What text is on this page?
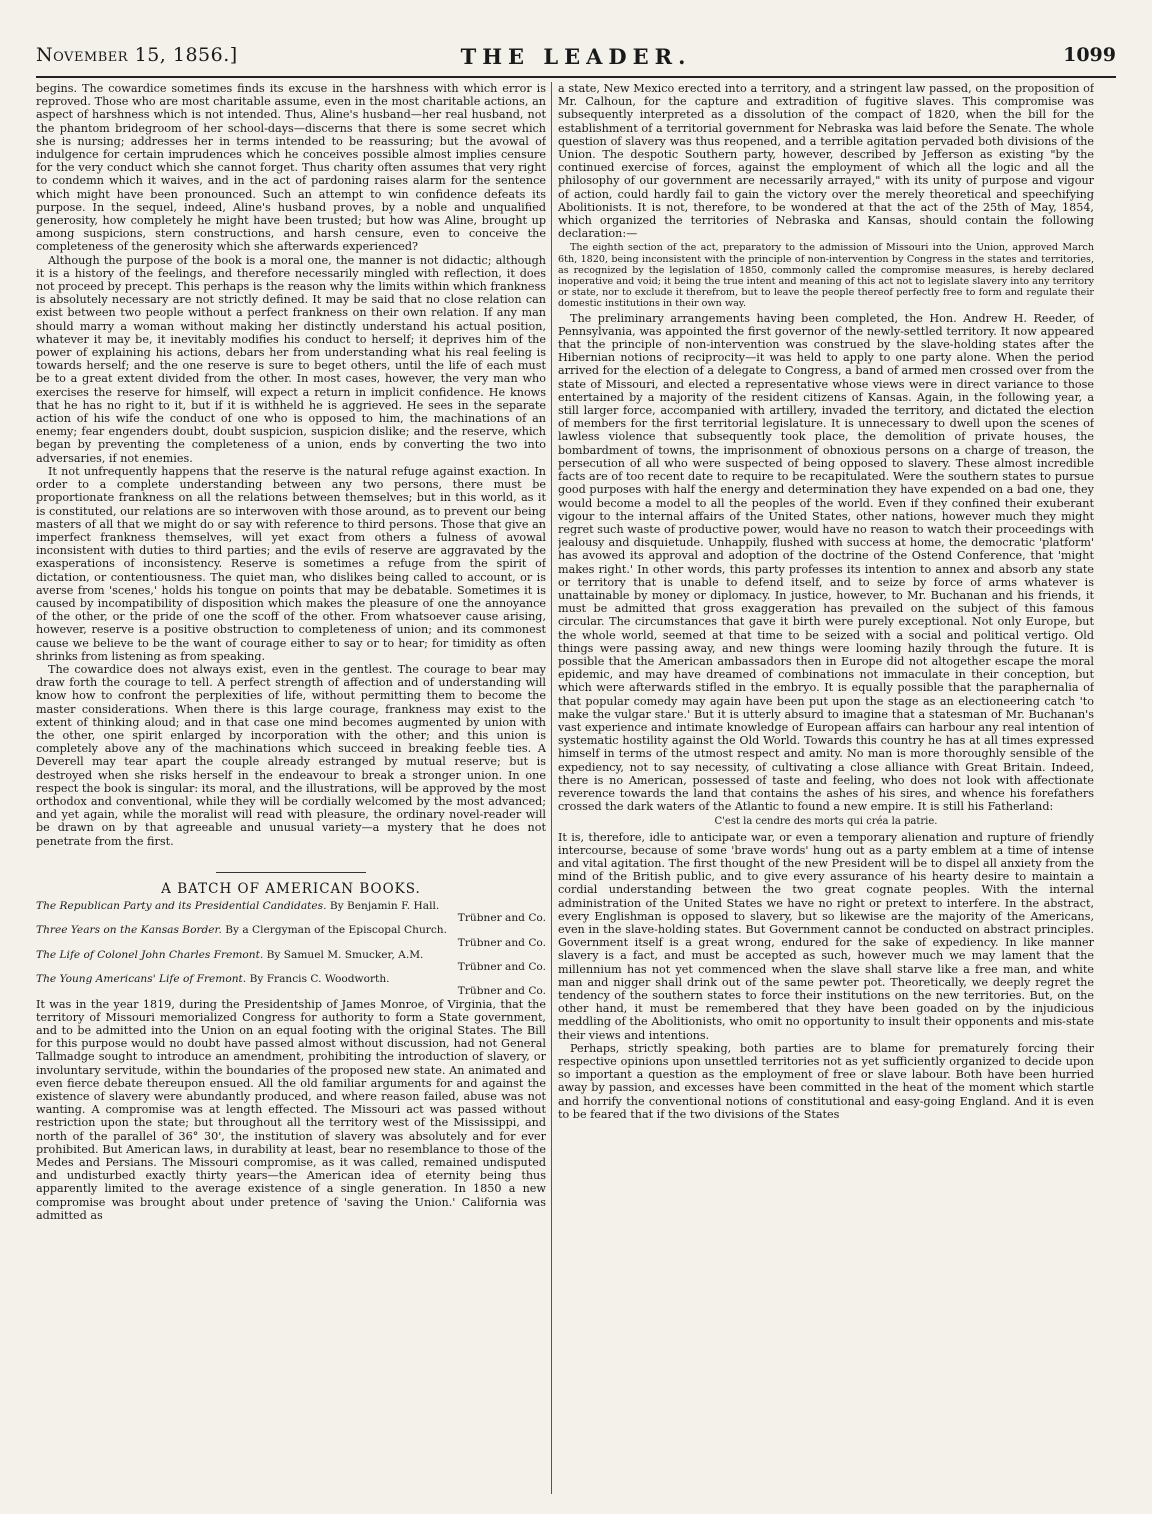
November 15, 1856.]	THE LEADER.	1099

begins. The cowardice sometimes finds its excuse in the harshness with which error is reproved. Those who are most charitable assume, even in the most charitable actions, an aspect of harshness which is not intended. Thus, Aline's husband—her real husband, not the phantom bridegroom of her school-days—discerns that there is some secret which she is nursing; addresses her in terms intended to be reassuring; but the avowal of indulgence for certain imprudences which he conceives possible almost implies censure for the very conduct which she cannot forget. Thus charity often assumes that very right to condemn which it waives, and in the act of pardoning raises alarm for the sentence which might have been pronounced. Such an attempt to win confidence defeats its purpose. In the sequel, indeed, Aline's husband proves, by a noble and unqualified generosity, how completely he might have been trusted; but how was Aline, brought up among suspicions, stern constructions, and harsh censure, even to conceive the completeness of the generosity which she afterwards experienced?

Although the purpose of the book is a moral one, the manner is not didactic; although it is a history of the feelings, and therefore necessarily mingled with reflection, it does not proceed by precept. This perhaps is the reason why the limits within which frankness is absolutely necessary are not strictly defined. It may be said that no close relation can exist between two people without a perfect frankness on their own relation. If any man should marry a woman without making her distinctly understand his actual position, whatever it may be, it inevitably modifies his conduct to herself; it deprives him of the power of explaining his actions, debars her from understanding what his real feeling is towards herself; and the one reserve is sure to beget others, until the life of each must be to a great extent divided from the other. In most cases, however, the very man who exercises the reserve for himself, will expect a return in implicit confidence. He knows that he has no right to it, but if it is withheld he is aggrieved. He sees in the separate action of his wife the conduct of one who is opposed to him, the machinations of an enemy; fear engenders doubt, doubt suspicion, suspicion dislike; and the reserve, which began by preventing the completeness of a union, ends by converting the two into adversaries, if not enemies.

It not unfrequently happens that the reserve is the natural refuge against exaction. In order to a complete understanding between any two persons, there must be proportionate frankness on all the relations between themselves; but in this world, as it is constituted, our relations are so interwoven with those around, as to prevent our being masters of all that we might do or say with reference to third persons. Those that give an imperfect frankness themselves, will yet exact from others a fulness of avowal inconsistent with duties to third parties; and the evils of reserve are aggravated by the exasperations of inconsistency. Reserve is sometimes a refuge from the spirit of dictation, or contentiousness. The quiet man, who dislikes being called to account, or is averse from 'scenes,' holds his tongue on points that may be debatable. Sometimes it is caused by incompatibility of disposition which makes the pleasure of one the annoyance of the other, or the pride of one the scoff of the other. From whatsoever cause arising, however, reserve is a positive obstruction to completeness of union; and its commonest cause we believe to be the want of courage either to say or to hear; for timidity as often shrinks from listening as from speaking.

The cowardice does not always exist, even in the gentlest. The courage to bear may draw forth the courage to tell. A perfect strength of affection and of understanding will know how to confront the perplexities of life, without permitting them to become the master considerations. When there is this large courage, frankness may exist to the extent of thinking aloud; and in that case one mind becomes augmented by union with the other, one spirit enlarged by incorporation with the other; and this union is completely above any of the machinations which succeed in breaking feeble ties. A Deverell may tear apart the couple already estranged by mutual reserve; but is destroyed when she risks herself in the endeavour to break a stronger union. In one respect the book is singular: its moral, and the illustrations, will be approved by the most orthodox and conventional, while they will be cordially welcomed by the most advanced; and yet again, while the moralist will read with pleasure, the ordinary novel-reader will be drawn on by that agreeable and unusual variety—a mystery that he does not penetrate from the first.

A BATCH OF AMERICAN BOOKS.
The Republican Party and its Presidential Candidates. By Benjamin F. Hall.
Trübner and Co.
Three Years on the Kansas Border. By a Clergyman of the Episcopal Church.
Trübner and Co.
The Life of Colonel John Charles Fremont. By Samuel M. Smucker, A.M.
Trübner and Co.
The Young Americans' Life of Fremont. By Francis C. Woodworth.
Trübner and Co.

It was in the year 1819, during the Presidentship of James Monroe, of Virginia, that the territory of Missouri memorialized Congress for authority to form a State government, and to be admitted into the Union on an equal footing with the original States. The Bill for this purpose would no doubt have passed almost without discussion, had not General Tallmadge sought to introduce an amendment, prohibiting the introduction of slavery, or involuntary servitude, within the boundaries of the proposed new state. An animated and even fierce debate thereupon ensued. All the old familiar arguments for and against the existence of slavery were abundantly produced, and where reason failed, abuse was not wanting. A compromise was at length effected. The Missouri act was passed without restriction upon the state; but throughout all the territory west of the Mississippi, and north of the parallel of 36° 30', the institution of slavery was absolutely and for ever prohibited. But American laws, in durability at least, bear no resemblance to those of the Medes and Persians. The Missouri compromise, as it was called, remained undisputed and undisturbed exactly thirty years—the American idea of eternity being thus apparently limited to the average existence of a single generation. In 1850 a new compromise was brought about under pretence of 'saving the Union.' California was admitted as

a state, New Mexico erected into a territory, and a stringent law passed, on the proposition of Mr. Calhoun, for the capture and extradition of fugitive slaves. This compromise was subsequently interpreted as a dissolution of the compact of 1820, when the bill for the establishment of a territorial government for Nebraska was laid before the Senate. The whole question of slavery was thus reopened, and a terrible agitation pervaded both divisions of the Union. The despotic Southern party, however, described by Jefferson as existing "by the continued exercise of forces, against the employment of which all the logic and all the philosophy of our government are necessarily arrayed," with its unity of purpose and vigour of action, could hardly fail to gain the victory over the merely theoretical and speechifying Abolitionists. It is not, therefore, to be wondered at that the act of the 25th of May, 1854, which organized the territories of Nebraska and Kansas, should contain the following declaration:—

The eighth section of the act, preparatory to the admission of Missouri into the Union, approved March 6th, 1820, being inconsistent with the principle of non-intervention by Congress in the states and territories, as recognized by the legislation of 1850, commonly called the compromise measures, is hereby declared inoperative and void; it being the true intent and meaning of this act not to legislate slavery into any territory or state, nor to exclude it therefrom, but to leave the people thereof perfectly free to form and regulate their domestic institutions in their own way.

The preliminary arrangements having been completed, the Hon. Andrew H. Reeder, of Pennsylvania, was appointed the first governor of the newly-settled territory. It now appeared that the principle of non-intervention was construed by the slave-holding states after the Hibernian notions of reciprocity—it was held to apply to one party alone. When the period arrived for the election of a delegate to Congress, a band of armed men crossed over from the state of Missouri, and elected a representative whose views were in direct variance to those entertained by a majority of the resident citizens of Kansas. Again, in the following year, a still larger force, accompanied with artillery, invaded the territory, and dictated the election of members for the first territorial legislature. It is unnecessary to dwell upon the scenes of lawless violence that subsequently took place, the demolition of private houses, the bombardment of towns, the imprisonment of obnoxious persons on a charge of treason, the persecution of all who were suspected of being opposed to slavery. These almost incredible facts are of too recent date to require to be recapitulated. Were the southern states to pursue good purposes with half the energy and determination they have expended on a bad one, they would become a model to all the peoples of the world. Even if they confined their exuberant vigour to the internal affairs of the United States, other nations, however much they might regret such waste of productive power, would have no reason to watch their proceedings with jealousy and disquietude. Unhappily, flushed with success at home, the democratic 'platform' has avowed its approval and adoption of the doctrine of the Ostend Conference, that 'might makes right.' In other words, this party professes its intention to annex and absorb any state or territory that is unable to defend itself, and to seize by force of arms whatever is unattainable by money or diplomacy. In justice, however, to Mr. Buchanan and his friends, it must be admitted that gross exaggeration has prevailed on the subject of this famous circular. The circumstances that gave it birth were purely exceptional. Not only Europe, but the whole world, seemed at that time to be seized with a social and political vertigo. Old things were passing away, and new things were looming hazily through the future. It is possible that the American ambassadors then in Europe did not altogether escape the moral epidemic, and may have dreamed of combinations not immaculate in their conception, but which were afterwards stifled in the embryo. It is equally possible that the paraphernalia of that popular comedy may again have been put upon the stage as an electioneering catch 'to make the vulgar stare.' But it is utterly absurd to imagine that a statesman of Mr. Buchanan's vast experience and intimate knowledge of European affairs can harbour any real intention of systematic hostility against the Old World. Towards this country he has at all times expressed himself in terms of the utmost respect and amity. No man is more thoroughly sensible of the expediency, not to say necessity, of cultivating a close alliance with Great Britain. Indeed, there is no American, possessed of taste and feeling, who does not look with affectionate reverence towards the land that contains the ashes of his sires, and whence his forefathers crossed the dark waters of the Atlantic to found a new empire. It is still his Fatherland:

C'est la cendre des morts qui créa la patrie.

It is, therefore, idle to anticipate war, or even a temporary alienation and rupture of friendly intercourse, because of some 'brave words' hung out as a party emblem at a time of intense and vital agitation. The first thought of the new President will be to dispel all anxiety from the mind of the British public, and to give every assurance of his hearty desire to maintain a cordial understanding between the two great cognate peoples. With the internal administration of the United States we have no right or pretext to interfere. In the abstract, every Englishman is opposed to slavery, but so likewise are the majority of the Americans, even in the slave-holding states. But Government cannot be conducted on abstract principles. Government itself is a great wrong, endured for the sake of expediency. In like manner slavery is a fact, and must be accepted as such, however much we may lament that the millennium has not yet commenced when the slave shall starve like a free man, and white man and nigger shall drink out of the same pewter pot. Theoretically, we deeply regret the tendency of the southern states to force their institutions on the new territories. But, on the other hand, it must be remembered that they have been goaded on by the injudicious meddling of the Abolitionists, who omit no opportunity to insult their opponents and mis-state their views and intentions.

Perhaps, strictly speaking, both parties are to blame for prematurely forcing their respective opinions upon unsettled territories not as yet sufficiently organized to decide upon so important a question as the employment of free or slave labour. Both have been hurried away by passion, and excesses have been committed in the heat of the moment which startle and horrify the conventional notions of constitutional and easy-going England. And it is even to be feared that if the two divisions of the States
